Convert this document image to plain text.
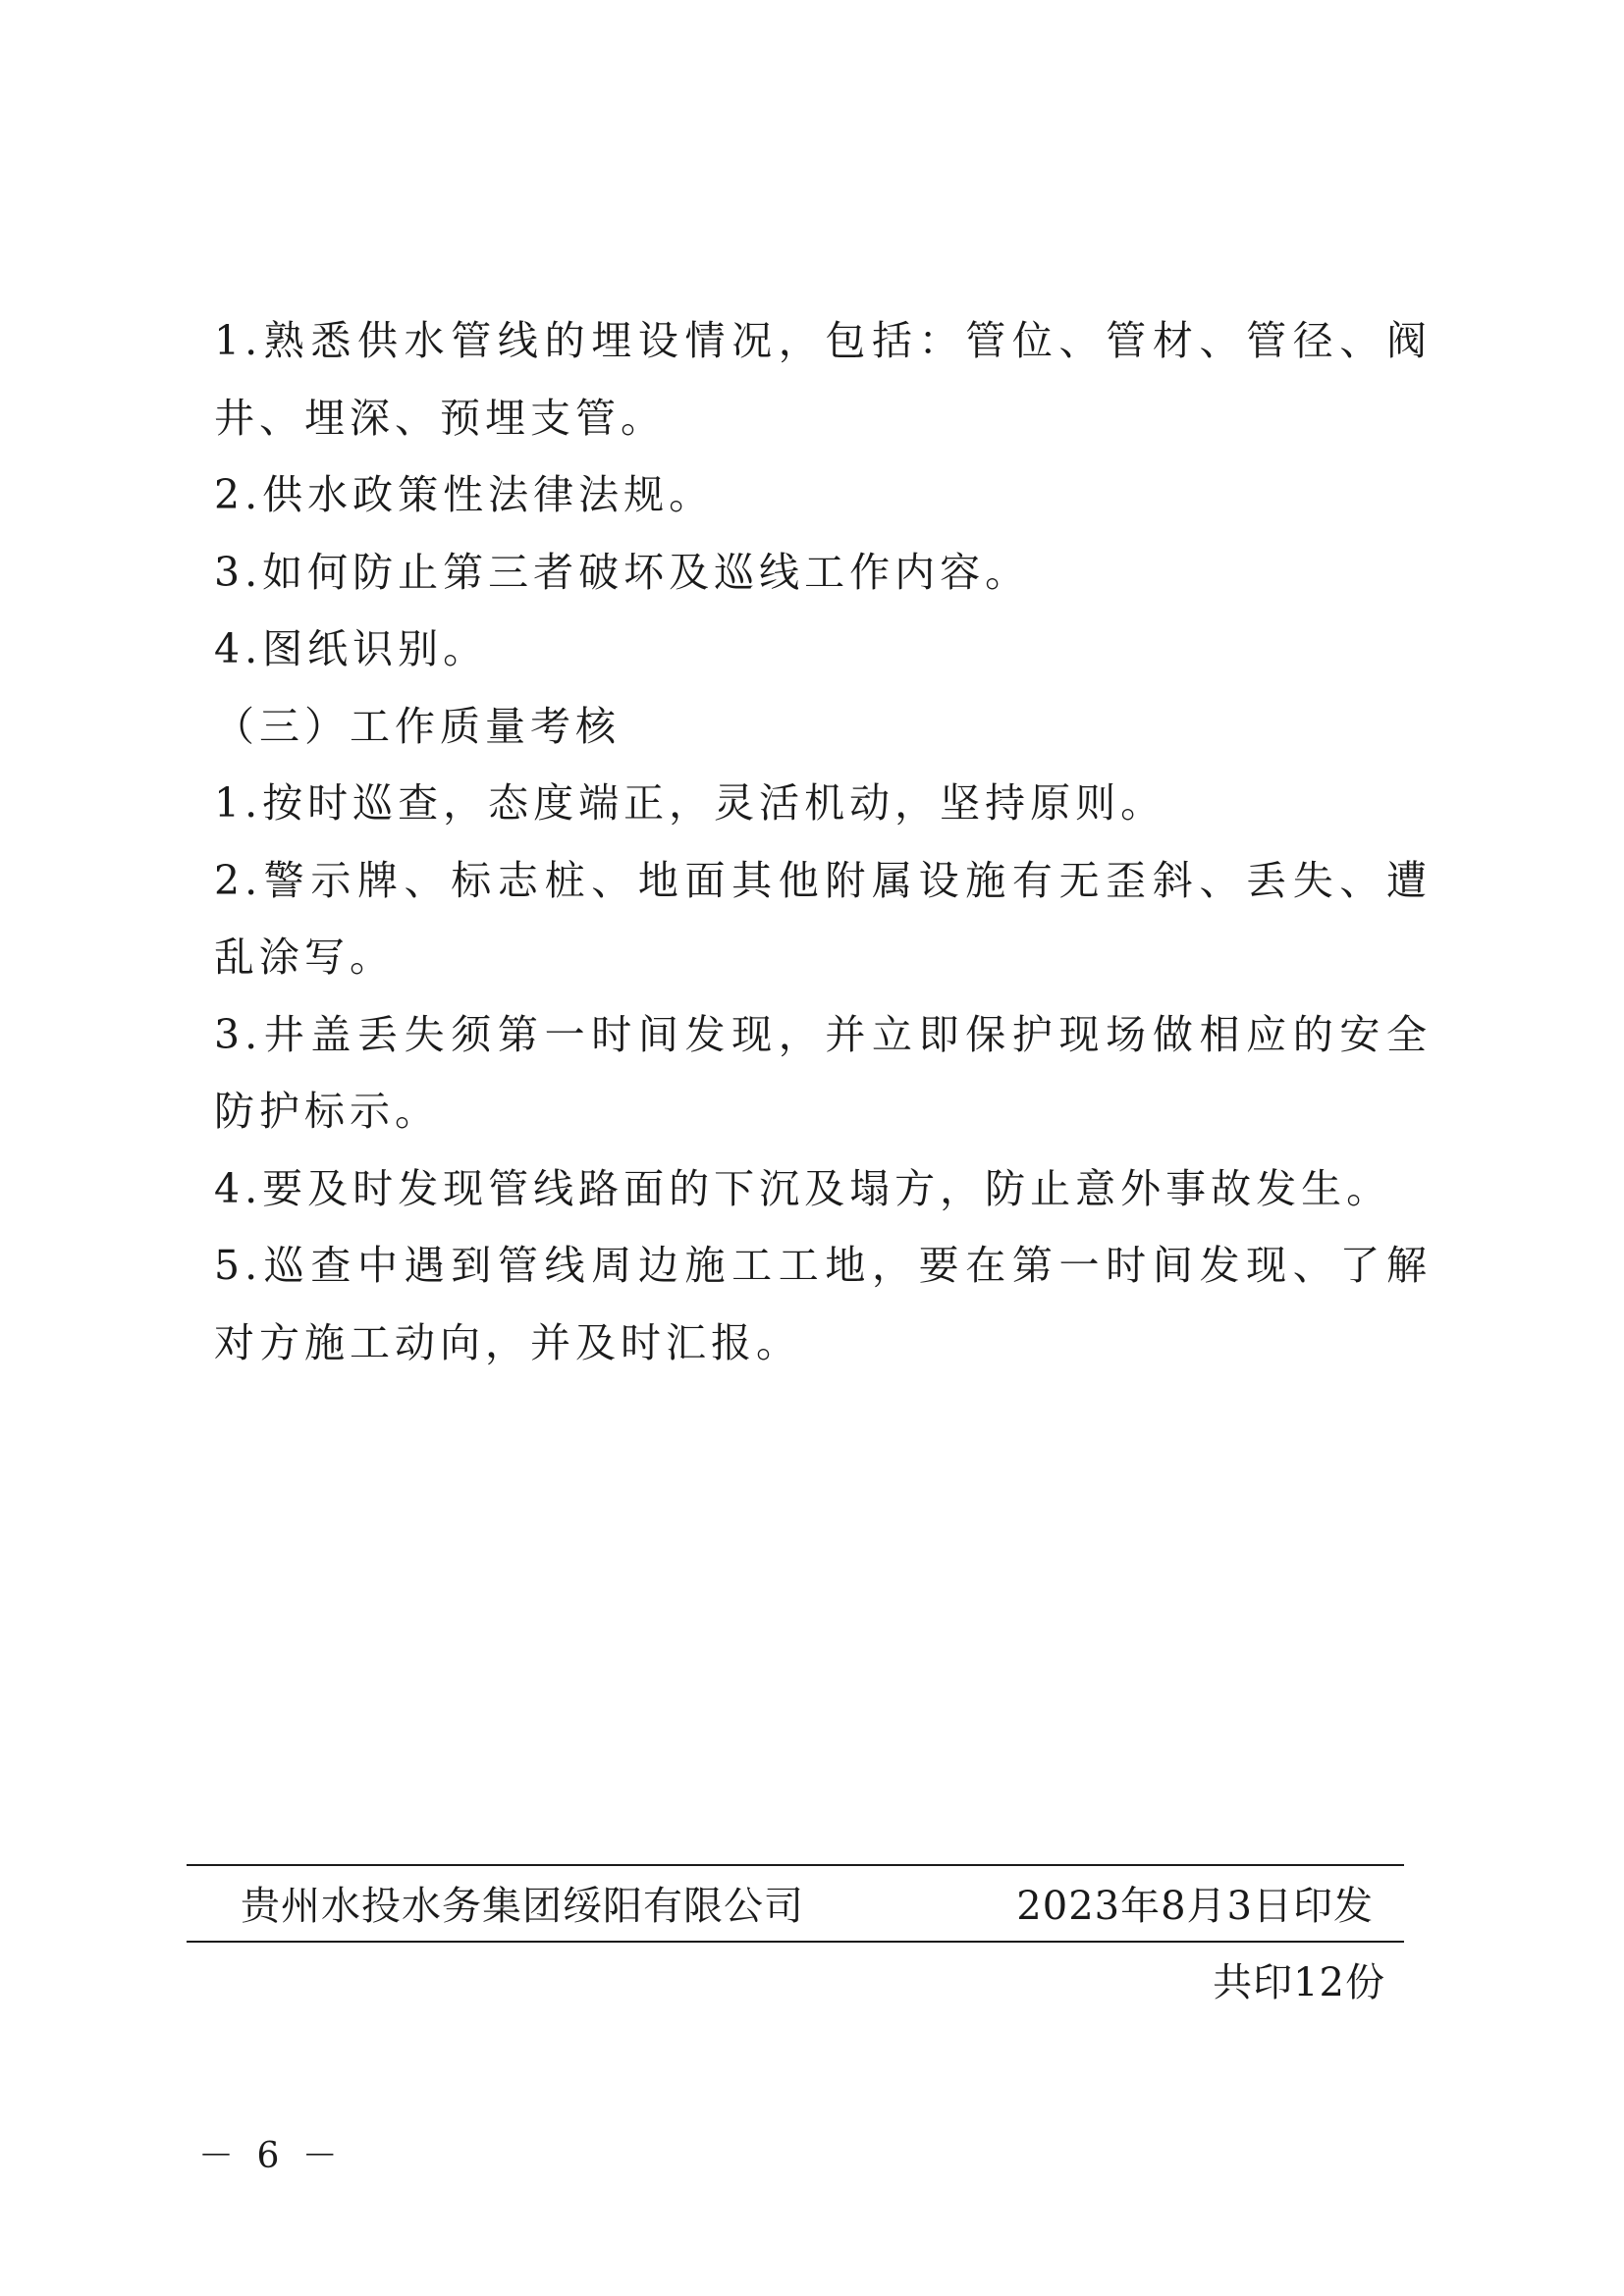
1.熟悉供水管线的埋设情况，包括：管位、管材、管径、阀井、埋深、预埋支管。

2.供水政策性法律法规。

3.如何防止第三者破坏及巡线工作内容。

4.图纸识别。

（三）工作质量考核

1.按时巡查，态度端正，灵活机动，坚持原则。

2.警示牌、标志桩、地面其他附属设施有无歪斜、丢失、遭乱涂写。

3.井盖丢失须第一时间发现，并立即保护现场做相应的安全防护标示。

4.要及时发现管线路面的下沉及塌方，防止意外事故发生。

5.巡查中遇到管线周边施工工地，要在第一时间发现、了解对方施工动向，并及时汇报。

贵州水投水务集团绥阳有限公司	2023年8月3日印发
共印12份
－ 6 －
